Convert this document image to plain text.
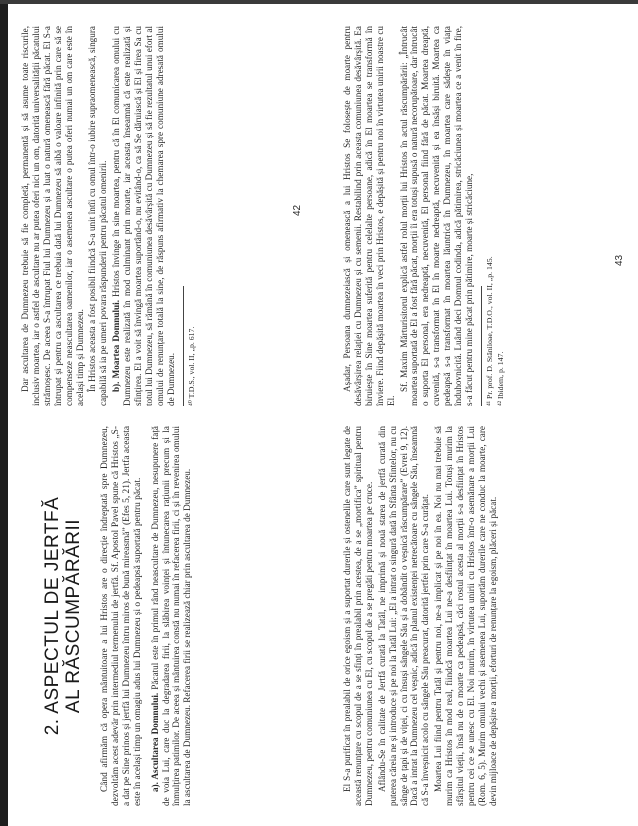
2. ASPECTUL DE JERTFĂ
AL RĂSCUMPĂRĂRII Când afirmăm că opera mântuitoare a lui Hristos are o direcție îndreptată spre Dumnezeu, dezvoltăm acest adevăr prin intermediul termenului de jertfă. Sf. Apostol Pavel spune că Hristos „S-a dat pe Sine prinos și jertfă lui Dumnezeu întru miros de bună mireasmă” (Efes 5, 21). Jertfa aceasta este în același timp un omagiu adus lui Dumnezeu și o pedeapsă suportată pentru păcat. a). Ascultarea Domnului. Păcatul este în primul rând neascultare de Dumnezeu, nesupunere față de voia Lui, care duc la degradarea firii, la slăbirea voinței și întunecarea rațiunii precum și la înmulțirea patimilor. De aceea și mântuirea constă nu numai în refacerea firii, ci și în revenirea omului la ascultarea de Dumnezeu. Refacerea firii se realizează chiar prin ascultarea de Dumnezeu.

Dar ascultarea de Dumnezeu trebuie să fie completă, permanentă și să asume toate riscurile, inclusiv moartea, iar o astfel de ascultare nu ar putea oferi nici un om, datorită universalității păcatului strămoșesc. De aceea S-a întrupat Fiul lui Dumnezeu și a luat o natură omenească fără păcat. El S-a întrupat și pentru ca ascultarea ce trebuia dată lui Dumnezeu să aibă o valoare infinită prin care să se compenseze neascultarea oamenilor, iar o asemenea ascultare o putea oferi numai un om care este în același timp și Dumnezeu. În Hristos aceasta a fost posibil fiindcă S-a unit întîi cu omul într-o iubire supraomenească, singura capabilă să ia pe umeri povara răspunderii pentru păcatul omenirii. b). Moartea Domnului. Hristos învinge în sine moartea, pentru că în El comunicarea omului cu Dumnezeu este realizată în mod culminant prin moarte, iar aceasta înseamnă că este realizată și sfințirea. El a voit să învingă moartea suportând-o, nu evitând-o, ca să Se dăruiască și El și firea Sa cu totul lui Dumnezeu, să rămână în comuniunea desăvârșită cu Dumnezeu și să fie rezultatul unui efort al omului de renunțare totală la sine, de răspuns afirmativ la chemarea spre comuniune adresată omului de Dumnezeu. ⁴⁰ T.D.S., vol. II, „p. 617.

42

El S-a purificat în prealabil de orice egoism și a suportat durerile și ostenelile care sunt legate de această renunțare cu scopul de a se sfinți în prealabil prin acestea, de a se „mortifica” spiritual pentru Dumnezeu, pentru comuniunea cu El, cu scopul de a se pregăti pentru moartea pe cruce. Aflându-Se în calitate de Jertfă curată la Tatăl, ne imprimă și nouă starea de jertfă curată din puterea căreia ne și introduce și pe noi la Tatăl Lui: „El a intrat o singură dată în Sfânta Sfintelor, nu cu sânge de țapi și de viței, ci cu însuși sângele Său și a dobândit o veșnică răscumpărare” (Evrei 9, 12). Dacă a intrat la Dumnezeu cel veșnic, adică în planul existenței netrecătoare cu sângele Său, înseamnă că S-a înveșnicit acolo cu sângele Său preacurat, datorită jertfei prin care S-a curățat. Moartea Lui fiind pentru Tatăl și pentru noi, ne-a implicat și pe noi în ea. Noi nu mai trebuie să murim ca Hristos în mod real, fiindcă moartea Lui ne-a desființat în moartea Lui. Totuși murim la sfârșitul vieții, însă nu de o moarte ca pedeapsă, căci rostul acesta al morții s-a desființat în Hristos pentru cei ce se unesc cu El. Noi murim, în virtutea unirii cu Hristos într-o asemănare a morții Lui (Rom. 6, 5). Murim omului vechi și asemenea Lui, suportăm durerile care ne conduc la moarte, care devin mijloace de depășire a morții, eforturi de renunțare la egoism, plăceri și păcat.

Așadar, Persoana dumnezeiască și omenească a lui Hristos Se folosește de moarte pentru desăvârșirea relației cu Dumnezeu și cu semenii. Restabilind prin aceasta comuniunea desăvârșită. Ea biruiește în Sine moartea suferită pentru celelalte persoane, adică în El moartea se transformă în înviere. Fiind depășită moartea în veci prin Hristos, e depășită și pentru noi în virtutea unirii noastre cu El.

Sf. Maxim Mărturisitorul explică astfel rolul morții lui Hristos în actul răscumpărării: „Întrucât moartea suportată de El a fost fără păcat, morții îi era totuși supusă o natură necorupătoare, dar întrucât o suporta El personal, era nedreaptă, necuvenită, El personal fiind fără de păcat. Moartea dreaptă, cuvenită, s-a transformat în El în moarte nedreaptă, necuvenită și ea însăși biruită. Moartea ca pedeapsă s-a transformat în moartea lăuntrică în Dumnezeu, în moartea care sădește în viața înduhovnicită. Luând deci Domnul codinda, adică pătimirea, stricăciunea și moartea ce a venit în fire, s-a făcut pentru mine păcat prin pătimire, moarte și stricăciune, ⁴¹ Pr. prof. D. Stăniloae, T.D.O., vol. II, „p. 145. ⁴² Ibidem, p. 147.

43
